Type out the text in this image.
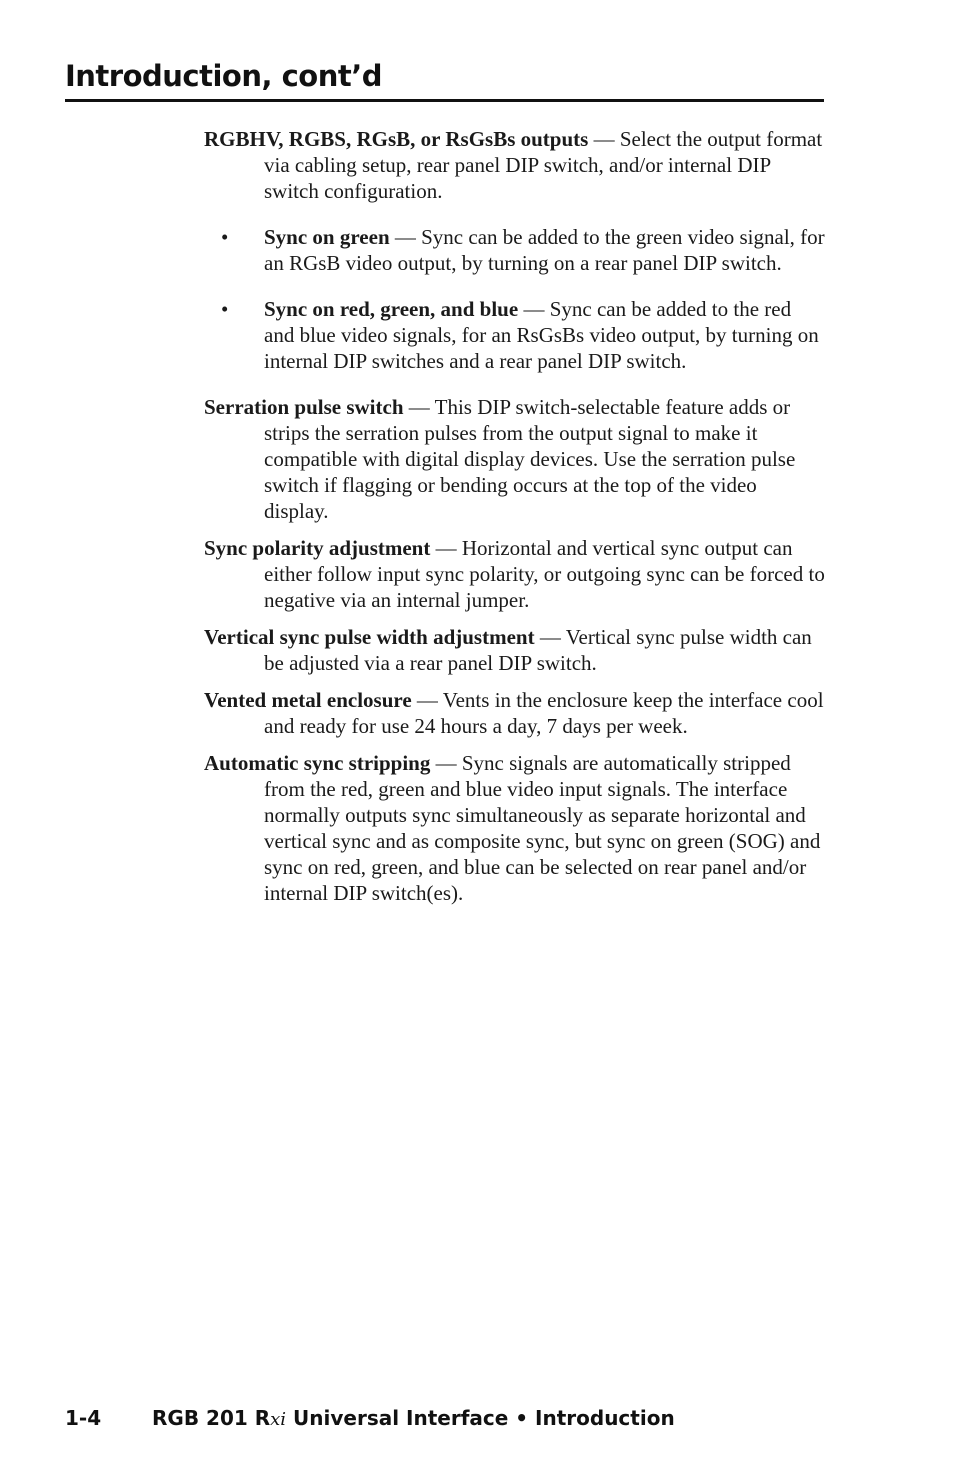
Introduction, cont’d

RGBHV, RGBS, RGsB, or RsGsBs outputs — Select the output format via cabling setup, rear panel DIP switch, and/or internal DIP switch configuration.

• Sync on green — Sync can be added to the green video signal, for an RGsB video output, by turning on a rear panel DIP switch.
• Sync on red, green, and blue — Sync can be added to the red and blue video signals, for an RsGsBs video output, by turning on internal DIP switches and a rear panel DIP switch.

Serration pulse switch — This DIP switch-selectable feature adds or strips the serration pulses from the output signal to make it compatible with digital display devices. Use the serration pulse switch if flagging or bending occurs at the top of the video display.

Sync polarity adjustment — Horizontal and vertical sync output can either follow input sync polarity, or outgoing sync can be forced to negative via an internal jumper.

Vertical sync pulse width adjustment — Vertical sync pulse width can be adjusted via a rear panel DIP switch.

Vented metal enclosure — Vents in the enclosure keep the interface cool and ready for use 24 hours a day, 7 days per week.

Automatic sync stripping — Sync signals are automatically stripped from the red, green and blue video input signals. The interface normally outputs sync simultaneously as separate horizontal and vertical sync and as composite sync, but sync on green (SOG) and sync on red, green, and blue can be selected on rear panel and/or internal DIP switch(es).

1-4	RGB 201 Rxi Universal Interface • Introduction
